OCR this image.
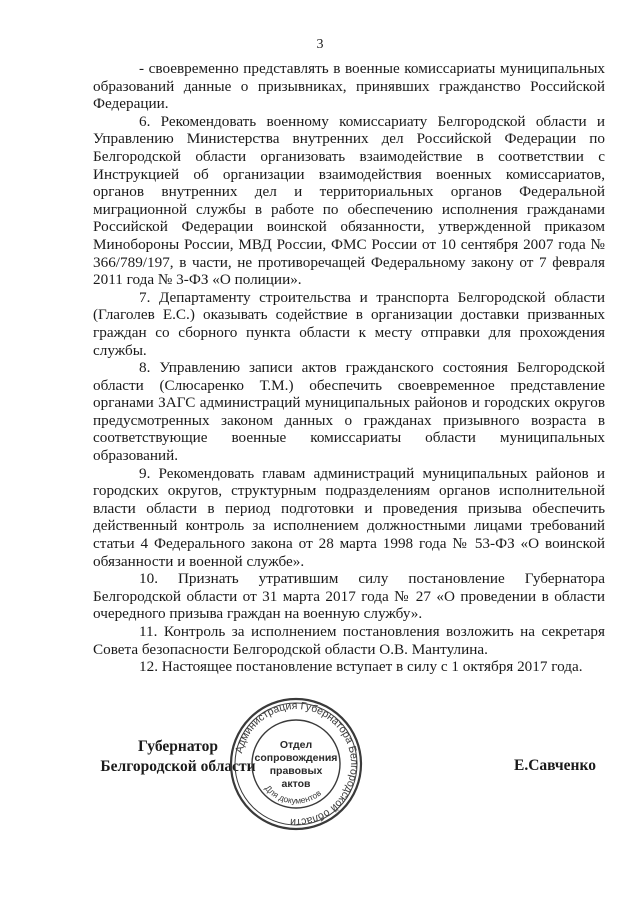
3

- своевременно представлять в военные комиссариаты муниципальных образований данные о призывниках, принявших гражданство Российской Федерации.

6. Рекомендовать военному комиссариату Белгородской области и Управлению Министерства внутренних дел Российской Федерации по Белгородской области организовать взаимодействие в соответствии с Инструкцией об организации взаимодействия военных комиссариатов, органов внутренних дел и территориальных органов Федеральной миграционной службы в работе по обеспечению исполнения гражданами Российской Федерации воинской обязанности, утвержденной приказом Минобороны России, МВД России, ФМС России от 10 сентября 2007 года № 366/789/197, в части, не противоречащей Федеральному закону от 7 февраля 2011 года № 3-ФЗ «О полиции».

7. Департаменту строительства и транспорта Белгородской области (Глаголев Е.С.) оказывать содействие в организации доставки призванных граждан со сборного пункта области к месту отправки для прохождения службы.

8. Управлению записи актов гражданского состояния Белгородской области (Слюсаренко Т.М.) обеспечить своевременное представление органами ЗАГС администраций муниципальных районов и городских округов предусмотренных законом данных о гражданах призывного возраста в соответствующие военные комиссариаты области муниципальных образований.

9. Рекомендовать главам администраций муниципальных районов и городских округов, структурным подразделениям органов исполнительной власти области в период подготовки и проведения призыва обеспечить действенный контроль за исполнением должностными лицами требований статьи 4 Федерального закона от 28 марта 1998 года № 53-ФЗ «О воинской обязанности и военной службе».

10. Признать утратившим силу постановление Губернатора Белгородской области от 31 марта 2017 года № 27 «О проведении в области очередного призыва граждан на военную службу».

11. Контроль за исполнением постановления возложить на секретаря Совета безопасности Белгородской области О.В. Мантулина.

12. Настоящее постановление вступает в силу с 1 октября 2017 года.

Губернатор
Белгородской области	Е.Савченко
Администрация Губернатора Белгородской области
Отдел
сопровождения
правовых
актов
Для документов
